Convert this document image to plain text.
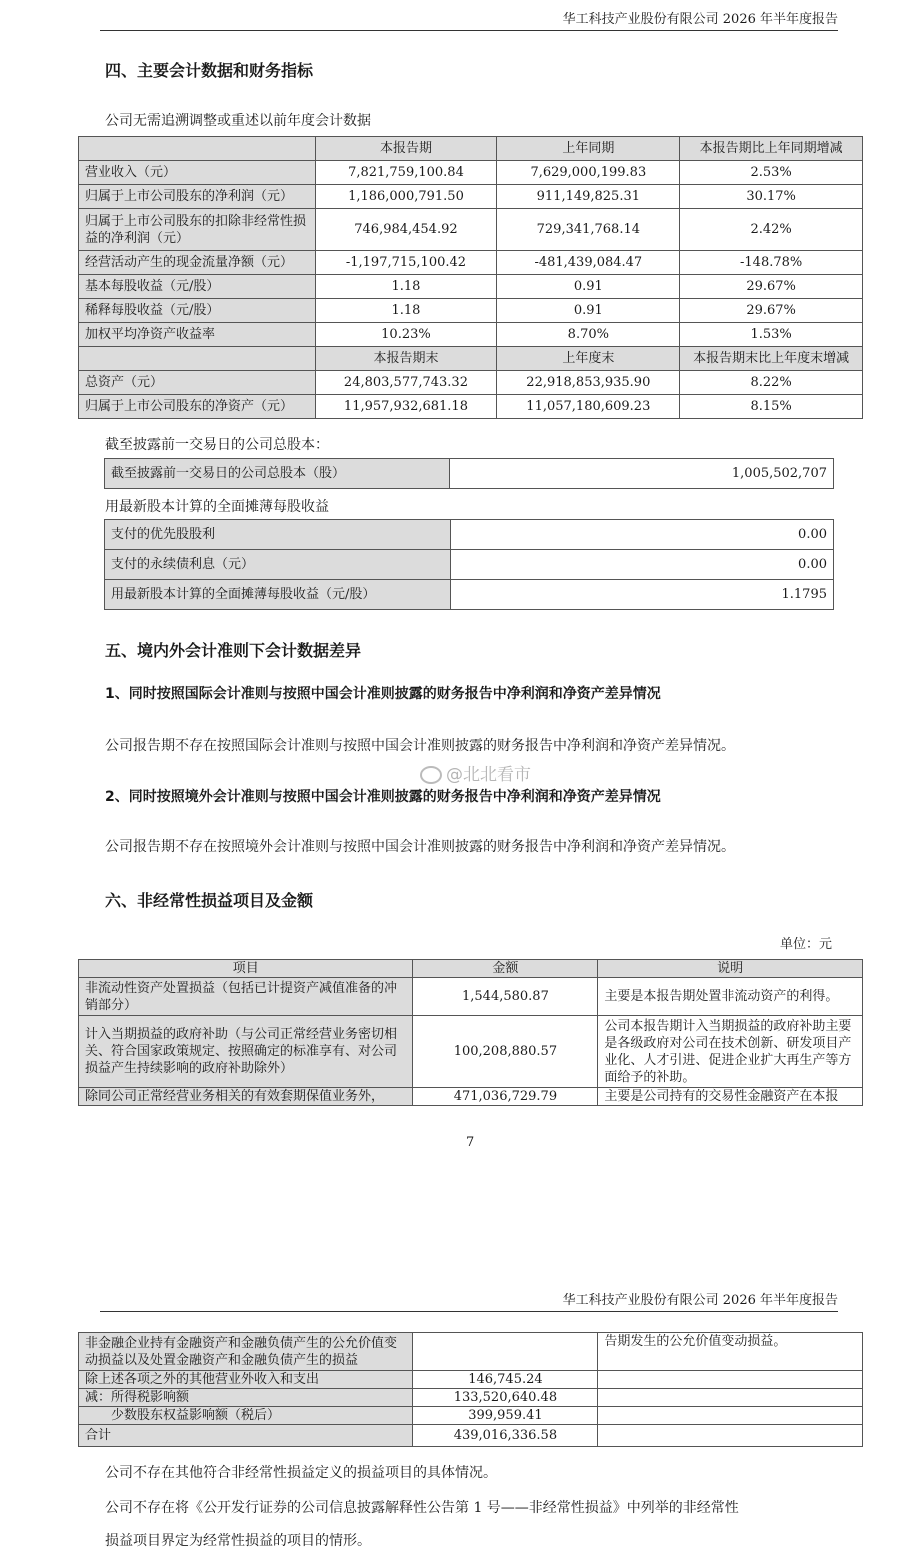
华工科技产业股份有限公司 2026 年半年度报告
四、主要会计数据和财务指标
公司无需追溯调整或重述以前年度会计数据
	本报告期	上年同期	本报告期比上年同期增减
营业收入（元）	7,821,759,100.84	7,629,000,199.83	2.53%
归属于上市公司股东的净利润（元）	1,186,000,791.50	911,149,825.31	30.17%
归属于上市公司股东的扣除非经常性损益的净利润（元）	746,984,454.92	729,341,768.14	2.42%
经营活动产生的现金流量净额（元）	-1,197,715,100.42	-481,439,084.47	-148.78%
基本每股收益（元/股）	1.18	0.91	29.67%
稀释每股收益（元/股）	1.18	0.91	29.67%
加权平均净资产收益率	10.23%	8.70%	1.53%
	本报告期末	上年度末	本报告期末比上年度末增减
总资产（元）	24,803,577,743.32	22,918,853,935.90	8.22%
归属于上市公司股东的净资产（元）	11,957,932,681.18	11,057,180,609.23	8.15%
截至披露前一交易日的公司总股本：
截至披露前一交易日的公司总股本（股）	1,005,502,707
用最新股本计算的全面摊薄每股收益
支付的优先股股利	0.00
支付的永续债利息（元）	0.00
用最新股本计算的全面摊薄每股收益（元/股）	1.1795
五、境内外会计准则下会计数据差异
1、同时按照国际会计准则与按照中国会计准则披露的财务报告中净利润和净资产差异情况
公司报告期不存在按照国际会计准则与按照中国会计准则披露的财务报告中净利润和净资产差异情况。
@北北看市
2、同时按照境外会计准则与按照中国会计准则披露的财务报告中净利润和净资产差异情况
公司报告期不存在按照境外会计准则与按照中国会计准则披露的财务报告中净利润和净资产差异情况。
六、非经常性损益项目及金额
单位：元
项目	金额	说明
非流动性资产处置损益（包括已计提资产减值准备的冲销部分）	1,544,580.87	主要是本报告期处置非流动资产的利得。
计入当期损益的政府补助（与公司正常经营业务密切相关、符合国家政策规定、按照确定的标准享有、对公司损益产生持续影响的政府补助除外）	100,208,880.57	公司本报告期计入当期损益的政府补助主要是各级政府对公司在技术创新、研发项目产业化、人才引进、促进企业扩大再生产等方面给予的补助。
除同公司正常经营业务相关的有效套期保值业务外，	471,036,729.79	主要是公司持有的交易性金融资产在本报
7
华工科技产业股份有限公司 2026 年半年度报告
非金融企业持有金融资产和金融负债产生的公允价值变动损益以及处置金融资产和金融负债产生的损益		告期发生的公允价值变动损益。
除上述各项之外的其他营业外收入和支出	146,745.24	
减：所得税影响额	133,520,640.48	
　　少数股东权益影响额（税后）	399,959.41	
合计	439,016,336.58	
公司不存在其他符合非经常性损益定义的损益项目的具体情况。
公司不存在将《公开发行证券的公司信息披露解释性公告第 1 号——非经常性损益》中列举的非经常性
损益项目界定为经常性损益的项目的情形。
